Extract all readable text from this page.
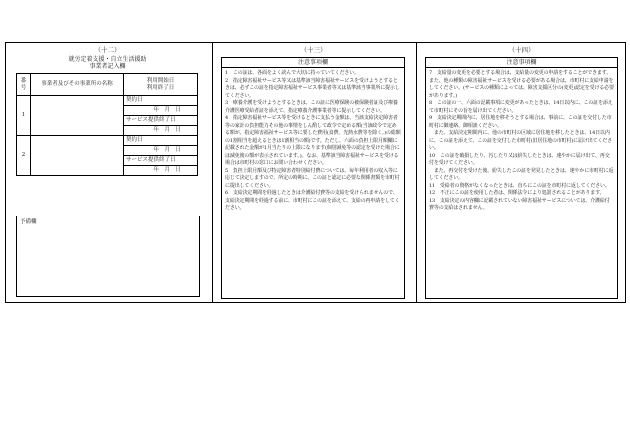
（十二）
就労定着支援・自立生活援助
事業者記入欄
番号	事業者及びその事業所の名称	利用開始日
利用終了日

1		契約日
		年　月　日
		サービス提供終了日
		年　月　日
2		契約日
		年　月　日
		サービス提供終了日
		年　月　日
予備欄
（十三）
注意事項欄

1　この証は、各面をよく読んで大切に持っていてください。
2　指定障害福祉サービス等又は基準該当障害福祉サービスを受けようとするときは、必ずこの証を指定障害福祉サービス事業者等又は基準該当事業所に提示してください。
3　療養介護を受けようとするときは、この証に医療保険の被保険者証及び療養介護医療受給者証を添えて、指定療養介護事業者等に提示してください。
4　指定障害福祉サービス等を受けるときに支払う金額は、当該支給決定障害者等の家計の負担能力その他の事情をしん酌して政令で定める額(当該政令で定める額が、指定障害福祉サービス等に要した費用(食費、光熱水費等を除く。)の総額の1割相当を超えるときは1割相当の額)です。ただし、六面の負担上限月額欄に記載された金額が1月当たりの上限になります(個別減免等の認定を受けた場合には減免後の額が表示されています。)。なお、基準該当障害福祉サービスを受ける場合は市町村の窓口にお問い合わせください。
5　負担上限月額及び特定障害者特別給付費については、毎年利用者の収入等に応じて決定しますので、所定の時期に、この証と認定に必要な関係書類を市町村に提出してください。
6　支給決定期間を経過したときは介護給付費等の支給を受けられませんので、支給決定期間を経過する前に、市町村にこの証を添えて、支給の再申請をしてください。

（十四）
注意事項欄

7　支給量の変更を必要とする場合は、支給量の変更の申請をすることができます。また、他の種類の障害福祉サービスを受ける必要がある場合は、市町村に支給申請をしてください。(サービスの種類によっては、障害支援区分の(変更)認定を受ける必要があります。)
8　この証の一、六面の記載事項に変更があったときは、14日以内に、この証を添えて市町村にその旨を届け出てください。
9　支給決定期間内に、居住地を移そうとする場合は、事前に、この証を交付した市町村に御連絡、御相談ください。
　また、支給決定期間内に、他の市町村の区域に居住地を移したときは、14日以内に、この証を添えて、この証を交付した市町村(旧居住地の市町村)に届け出てください。
10　この証を破損したり、汚したり又は紛失したときは、速やかに届け出て、再交付を受けてください。
　また、再交付を受けた後、紛失したこの証を発見したときは、速やかに市町村に返してください。
11　受給者の資格がなくなったときは、直ちにこの証を市町村に返してください。
12　不正にこの証を使用した者は、関係法令により処罰されることがあります。
13　支給決定の内容欄に記載されていない障害福祉サービスについては、介護給付費等の支給はされません。
